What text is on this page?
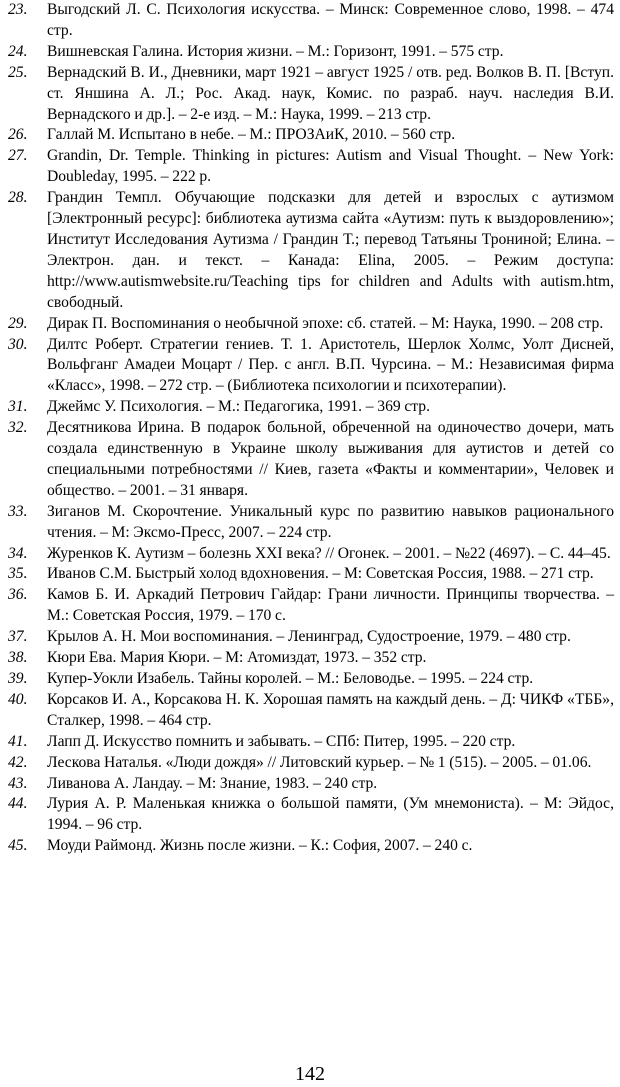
23. Выгодский Л. С. Психология искусства. – Минск: Современное слово, 1998. – 474 стр.
24. Вишневская Галина. История жизни. – М.: Горизонт, 1991. – 575 стр.
25. Вернадский В. И., Дневники, март 1921 – август 1925 / отв. ред. Волков В. П. [Вступ. ст. Яншина А. Л.; Рос. Акад. наук, Комис. по разраб. науч. наследия В.И. Вернадского и др.]. – 2-е изд. – М.: Наука, 1999. – 213 стр.
26. Галлай М. Испытано в небе. – М.: ПРОЗАиК, 2010. – 560 стр.
27. Grandin, Dr. Temple. Thinking in pictures: Autism and Visual Thought. – New York: Doubleday, 1995. – 222 р.
28. Грандин Темпл. Обучающие подсказки для детей и взрослых с аутизмом [Электронный ресурс]: библиотека аутизма сайта «Аутизм: путь к выздоровлению»; Институт Исследования Аутизма / Грандин Т.; перевод Татьяны Трониной; Елина. – Электрон. дан. и текст. – Канада: Elina, 2005. – Режим доступа: http://www.autismwebsite.ru/Teaching tips for children and Adults with autism.htm, свободный.
29. Дирак П. Воспоминания о необычной эпохе: сб. статей. – М: Наука, 1990. – 208 стр.
30. Дилтс Роберт. Стратегии гениев. Т. 1. Аристотель, Шерлок Холмс, Уолт Дисней, Вольфганг Амадеи Моцарт / Пер. с англ. В.П. Чурсина. – М.: Независимая фирма «Класс», 1998. – 272 стр. – (Библиотека психологии и психотерапии).
31. Джеймс У. Психология. – М.: Педагогика, 1991. – 369 стр.
32. Десятникова Ирина. В подарок больной, обреченной на одиночество дочери, мать создала единственную в Украине школу выживания для аутистов и детей со специальными потребностями // Киев, газета «Факты и комментарии», Человек и общество. – 2001. – 31 января.
33. Зиганов М. Скорочтение. Уникальный курс по развитию навыков рационального чтения. – М: Эксмо-Пресс, 2007. – 224 стр.
34. Журенков К. Аутизм – болезнь XXI века? // Огонек. – 2001. – №22 (4697). – С. 44–45.
35. Иванов С.М. Быстрый холод вдохновения. – М: Советская Россия, 1988. – 271 стр.
36. Камов Б. И. Аркадий Петрович Гайдар: Грани личности. Принципы творчества. – М.: Советская Россия, 1979. – 170 с.
37. Крылов А. Н. Мои воспоминания. – Ленинград, Судостроение, 1979. – 480 стр.
38. Кюри Ева. Мария Кюри. – М: Атомиздат, 1973. – 352 стр.
39. Купер-Уокли Изабель. Тайны королей. – М.: Беловодье. – 1995. – 224 стр.
40. Корсаков И. А., Корсакова Н. К. Хорошая память на каждый день. – Д: ЧИКФ «ТББ», Сталкер, 1998. – 464 стр.
41. Лапп Д. Искусство помнить и забывать. – СПб: Питер, 1995. – 220 стр.
42. Лескова Наталья. «Люди дождя» // Литовский курьер. – № 1 (515). – 2005. – 01.06.
43. Ливанова А. Ландау. – М: Знание, 1983. – 240 стр.
44. Лурия А. Р. Маленькая книжка о большой памяти, (Ум мнемониста). – М: Эйдос, 1994. – 96 стр.
45. Моуди Раймонд. Жизнь после жизни. – К.: София, 2007. – 240 с.
142
